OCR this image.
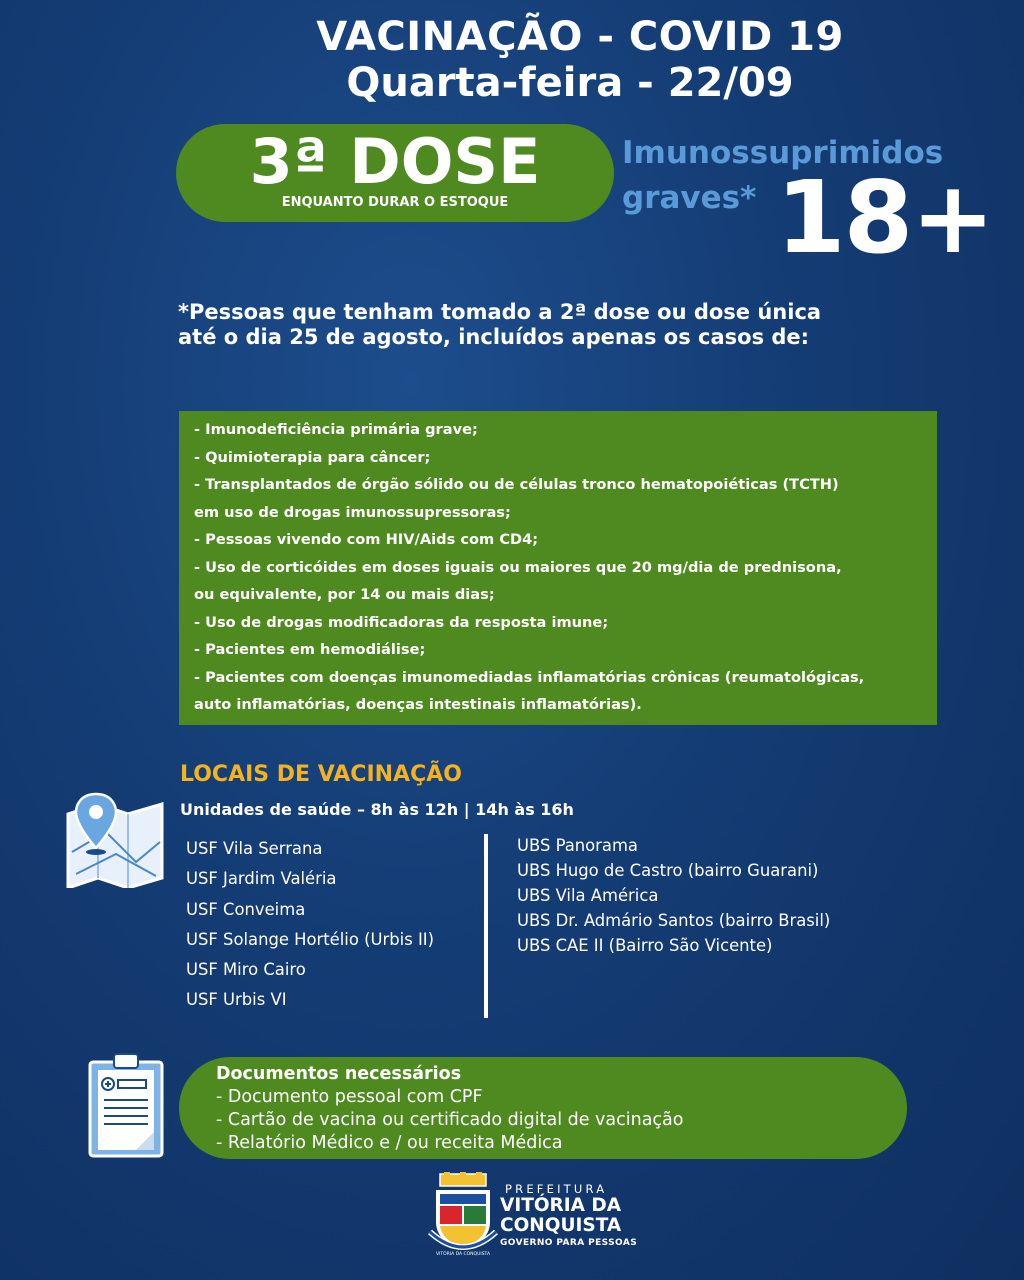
VACINAÇÃO - COVID 19
Quarta-feira - 22/09
3ª DOSE
ENQUANTO DURAR O ESTOQUE
Imunossuprimidos
graves* 18+
*Pessoas que tenham tomado a 2ª dose ou dose única
até o dia 25 de agosto, incluídos apenas os casos de:
- Imunodeficiência primária grave;
- Quimioterapia para câncer;
- Transplantados de órgão sólido ou de células tronco hematopoiéticas (TCTH)
em uso de drogas imunossupressoras;
- Pessoas vivendo com HIV/Aids com CD4;
- Uso de corticóides em doses iguais ou maiores que 20 mg/dia de prednisona,
ou equivalente, por 14 ou mais dias;
- Uso de drogas modificadoras da resposta imune;
- Pacientes em hemodiálise;
- Pacientes com doenças imunomediadas inflamatórias crônicas (reumatológicas,
auto inflamatórias, doenças intestinais inflamatórias).
LOCAIS DE VACINAÇÃO
Unidades de saúde – 8h às 12h | 14h às 16h
USF Vila Serrana
USF Jardim Valéria
USF Conveima
USF Solange Hortélio (Urbis II)
USF Miro Cairo
USF Urbis VI
UBS Panorama
UBS Hugo de Castro (bairro Guarani)
UBS Vila América
UBS Dr. Admário Santos (bairro Brasil)
UBS CAE II (Bairro São Vicente)
Documentos necessários
- Documento pessoal com CPF
- Cartão de vacina ou certificado digital de vacinação
- Relatório Médico e / ou receita Médica
VITÓRIA DA CONQUISTA
PREFEITURA
VITÓRIA DA
CONQUISTA
GOVERNO PARA PESSOAS
